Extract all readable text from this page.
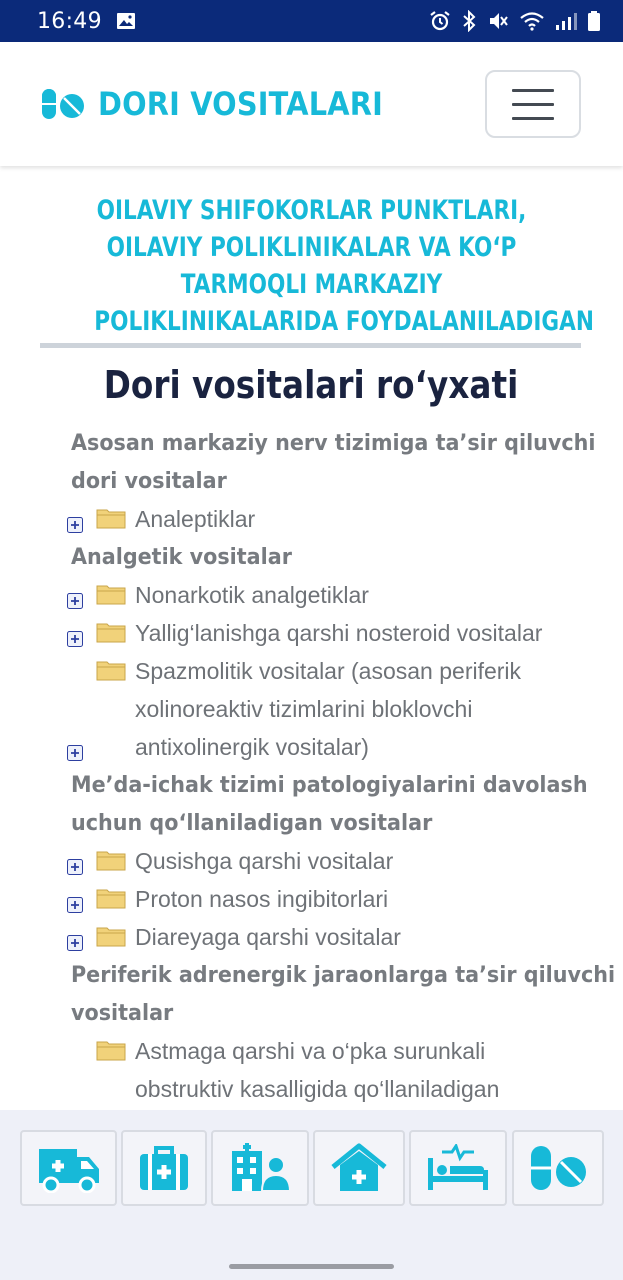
16:49
DORI VOSITALARI
OILAVIY SHIFOKORLAR PUNKTLARI,
OILAVIY POLIKLINIKALAR VA KO‘P
TARMOQLI MARKAZIY
POLIKLINIKALARIDA FOYDALANILADIGAN
Dori vositalari ro‘yxati
Asosan markaziy nerv tizimiga ta’sir qiluvchi
dori vositalar
Analeptiklar
Analgetik vositalar
Nonarkotik analgetiklar
Yallig‘lanishga qarshi nosteroid vositalar
Spazmolitik vositalar (asosan periferik
xolinoreaktiv tizimlarini bloklovchi
antixolinergik vositalar)
Me’da-ichak tizimi patologiyalarini davolash
uchun qo‘llaniladigan vositalar
Qusishga qarshi vositalar
Proton nasos ingibitorlari
Diareyaga qarshi vositalar
Periferik adrenergik jaraonlarga ta’sir qiluvchi
vositalar
Astmaga qarshi va o‘pka surunkali
obstruktiv kasalligida qo‘llaniladigan
